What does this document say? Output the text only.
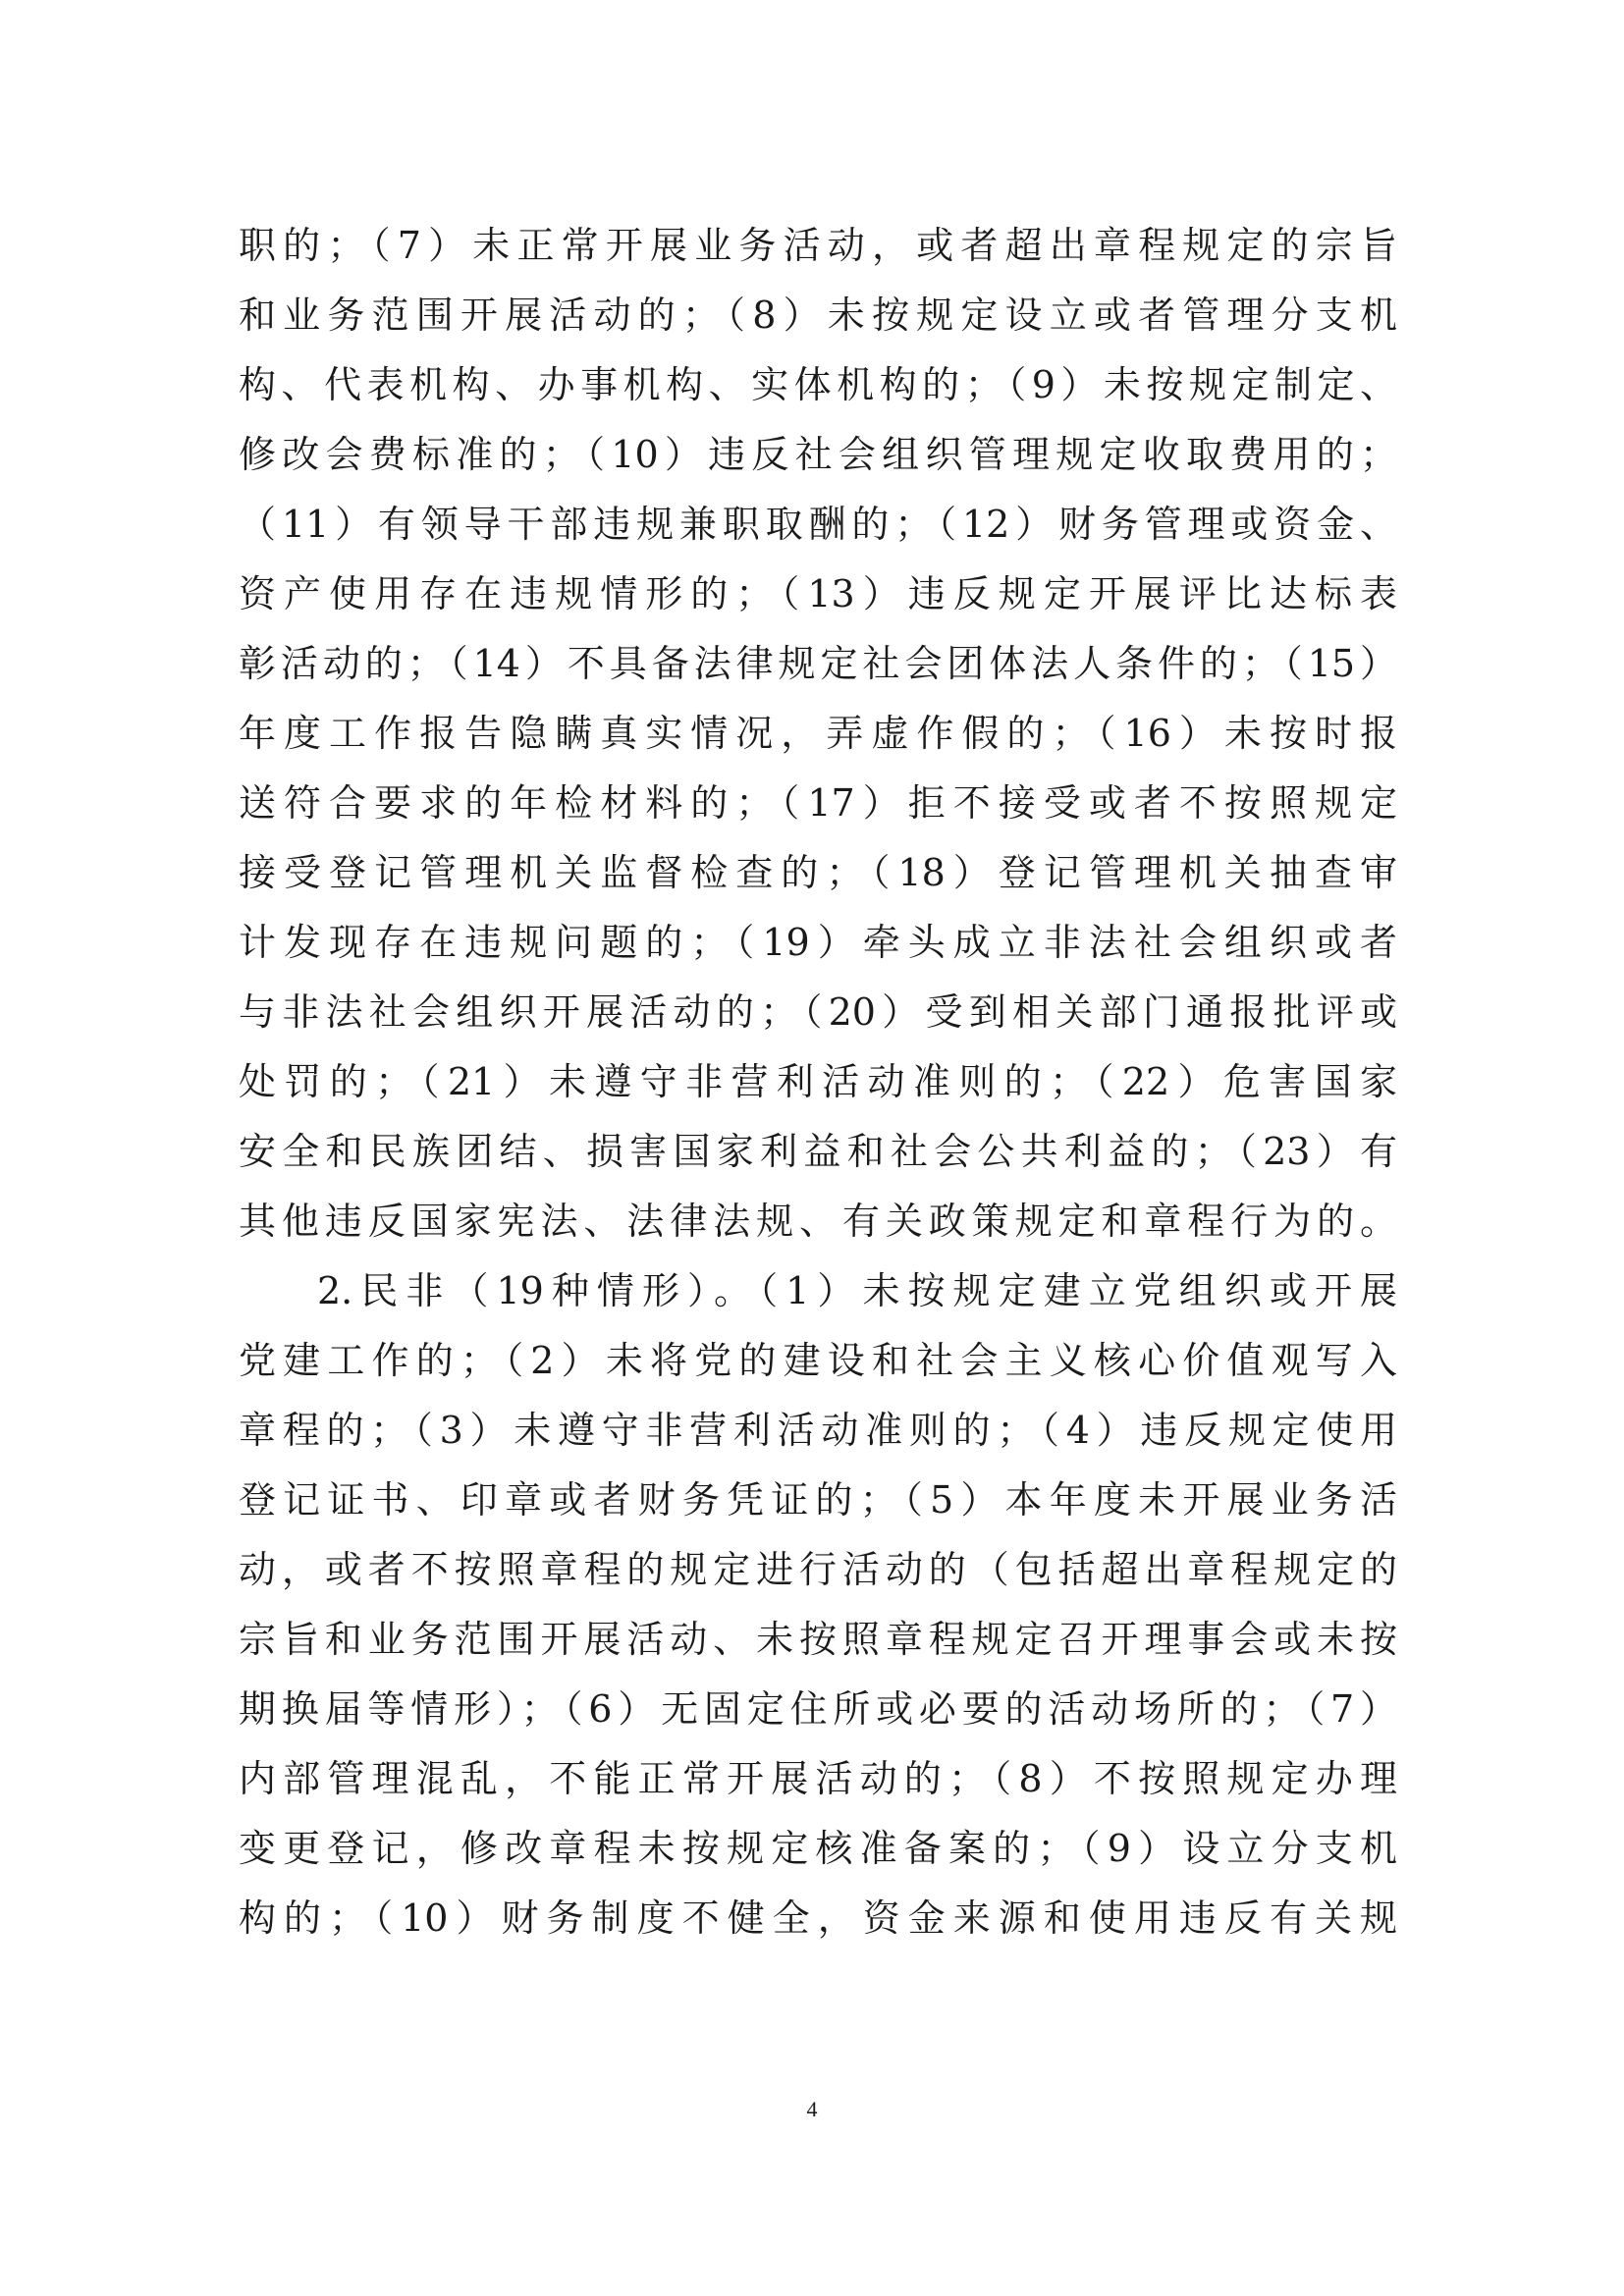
职的；（7）未正常开展业务活动，或者超出章程规定的宗旨
和业务范围开展活动的；（8）未按规定设立或者管理分支机
构、代表机构、办事机构、实体机构的；（9）未按规定制定、
修改会费标准的；（10）违反社会组织管理规定收取费用的；
（11）有领导干部违规兼职取酬的；（12）财务管理或资金、
资产使用存在违规情形的；（13）违反规定开展评比达标表
彰活动的；（14）不具备法律规定社会团体法人条件的；（15）
年度工作报告隐瞒真实情况，弄虚作假的；（16）未按时报
送符合要求的年检材料的；（17）拒不接受或者不按照规定
接受登记管理机关监督检查的；（18）登记管理机关抽查审
计发现存在违规问题的；（19）牵头成立非法社会组织或者
与非法社会组织开展活动的；（20）受到相关部门通报批评或
处罚的；（21）未遵守非营利活动准则的；（22）危害国家
安全和民族团结、损害国家利益和社会公共利益的；（23）有
其他违反国家宪法、法律法规、有关政策规定和章程行为的。
2.民非（19种情形）。（1）未按规定建立党组织或开展
党建工作的；（2）未将党的建设和社会主义核心价值观写入
章程的；（3）未遵守非营利活动准则的；（4）违反规定使用
登记证书、印章或者财务凭证的；（5）本年度未开展业务活
动，或者不按照章程的规定进行活动的（包括超出章程规定的
宗旨和业务范围开展活动、未按照章程规定召开理事会或未按
期换届等情形）；（6）无固定住所或必要的活动场所的；（7）
内部管理混乱，不能正常开展活动的；（8）不按照规定办理
变更登记，修改章程未按规定核准备案的；（9）设立分支机
构的；（10）财务制度不健全，资金来源和使用违反有关规
4
